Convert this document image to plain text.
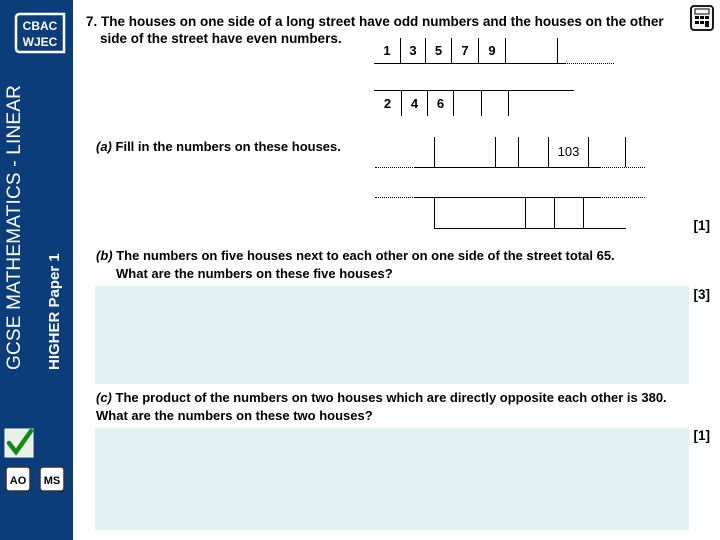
CBAC
WJEC
GCSE MATHEMATICS - LINEAR HIGHER Paper 1
AO MS
7. The houses on one side of a long street have odd numbers and the houses on the other
side of the street have even numbers.
1	3	5	7	9
2	4	6
(a) Fill in the numbers on these houses.	103
[1]
(b) The numbers on five houses next to each other on one side of the street total 65.
What are the numbers on these five houses?
[3]
(c) The product of the numbers on two houses which are directly opposite each other is 380.
What are the numbers on these two houses?
[1]
